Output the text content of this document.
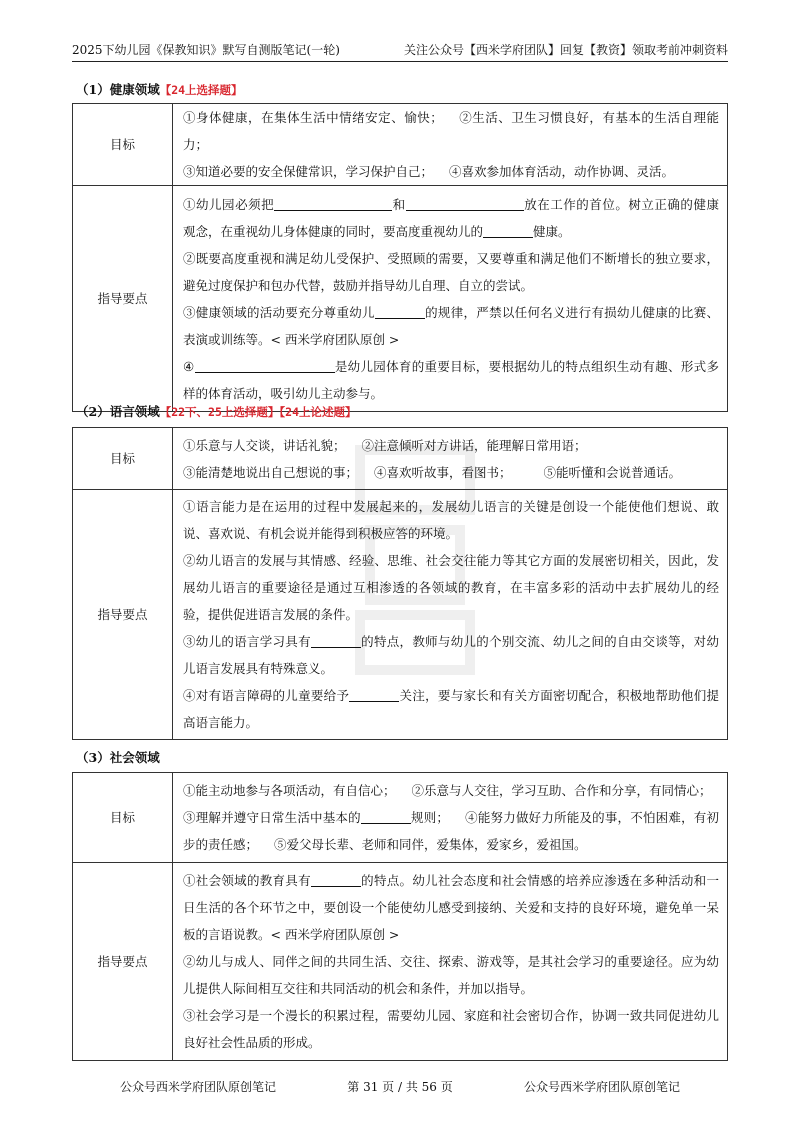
2025下幼儿园《保教知识》默写自测版笔记(一轮)	关注公众号【西米学府团队】回复【教资】领取考前冲刺资料
（1）健康领域【24上选择题】
目标	①身体健康，在集体生活中情绪安定、愉快； ②生活、卫生习惯良好，有基本的生活自理能力；
③知道必要的安全保健常识，学习保护自己； ④喜欢参加体育活动，动作协调、灵活。

指导要点	①幼儿园必须把 和 放在工作的首位。树立正确的健康观念，在重视幼儿身体健康的同时，要高度重视幼儿的 健康。
②既要高度重视和满足幼儿受保护、受照顾的需要，又要尊重和满足他们不断增长的独立要求，避免过度保护和包办代替，鼓励并指导幼儿自理、自立的尝试。
③健康领域的活动要充分尊重幼儿 的规律，严禁以任何名义进行有损幼儿健康的比赛、表演或训练等。< 西米学府团队原创 >
④ 是幼儿园体育的重要目标，要根据幼儿的特点组织生动有趣、形式多样的体育活动，吸引幼儿主动参与。
（2）语言领域【22下、25上选择题】【24上论述题】
目标	①乐意与人交谈，讲话礼貌； ②注意倾听对方讲话，能理解日常用语；
③能清楚地说出自己想说的事； ④喜欢听故事，看图书； ⑤能听懂和会说普通话。

指导要点	①语言能力是在运用的过程中发展起来的，发展幼儿语言的关键是创设一个能使他们想说、敢说、喜欢说、有机会说并能得到积极应答的环境。
②幼儿语言的发展与其情感、经验、思维、社会交往能力等其它方面的发展密切相关，因此，发展幼儿语言的重要途径是通过互相渗透的各领域的教育，在丰富多彩的活动中去扩展幼儿的经验，提供促进语言发展的条件。
③幼儿的语言学习具有 的特点，教师与幼儿的个别交流、幼儿之间的自由交谈等，对幼儿语言发展具有特殊意义。
④对有语言障碍的儿童要给予 关注，要与家长和有关方面密切配合，积极地帮助他们提高语言能力。
（3）社会领域
目标	①能主动地参与各项活动，有自信心； ②乐意与人交往，学习互助、合作和分享，有同情心；
③理解并遵守日常生活中基本的 规则； ④能努力做好力所能及的事，不怕困难，有初步的责任感； ⑤爱父母长辈、老师和同伴，爱集体，爱家乡，爱祖国。

指导要点	①社会领域的教育具有 的特点。幼儿社会态度和社会情感的培养应渗透在多种活动和一日生活的各个环节之中，要创设一个能使幼儿感受到接纳、关爱和支持的良好环境，避免单一呆板的言语说教。< 西米学府团队原创 >
②幼儿与成人、同伴之间的共同生活、交往、探索、游戏等，是其社会学习的重要途径。应为幼儿提供人际间相互交往和共同活动的机会和条件，并加以指导。
③社会学习是一个漫长的积累过程，需要幼儿园、家庭和社会密切合作，协调一致共同促进幼儿良好社会性品质的形成。
公众号西米学府团队原创笔记	第 31 页 / 共 56 页	公众号西米学府团队原创笔记
